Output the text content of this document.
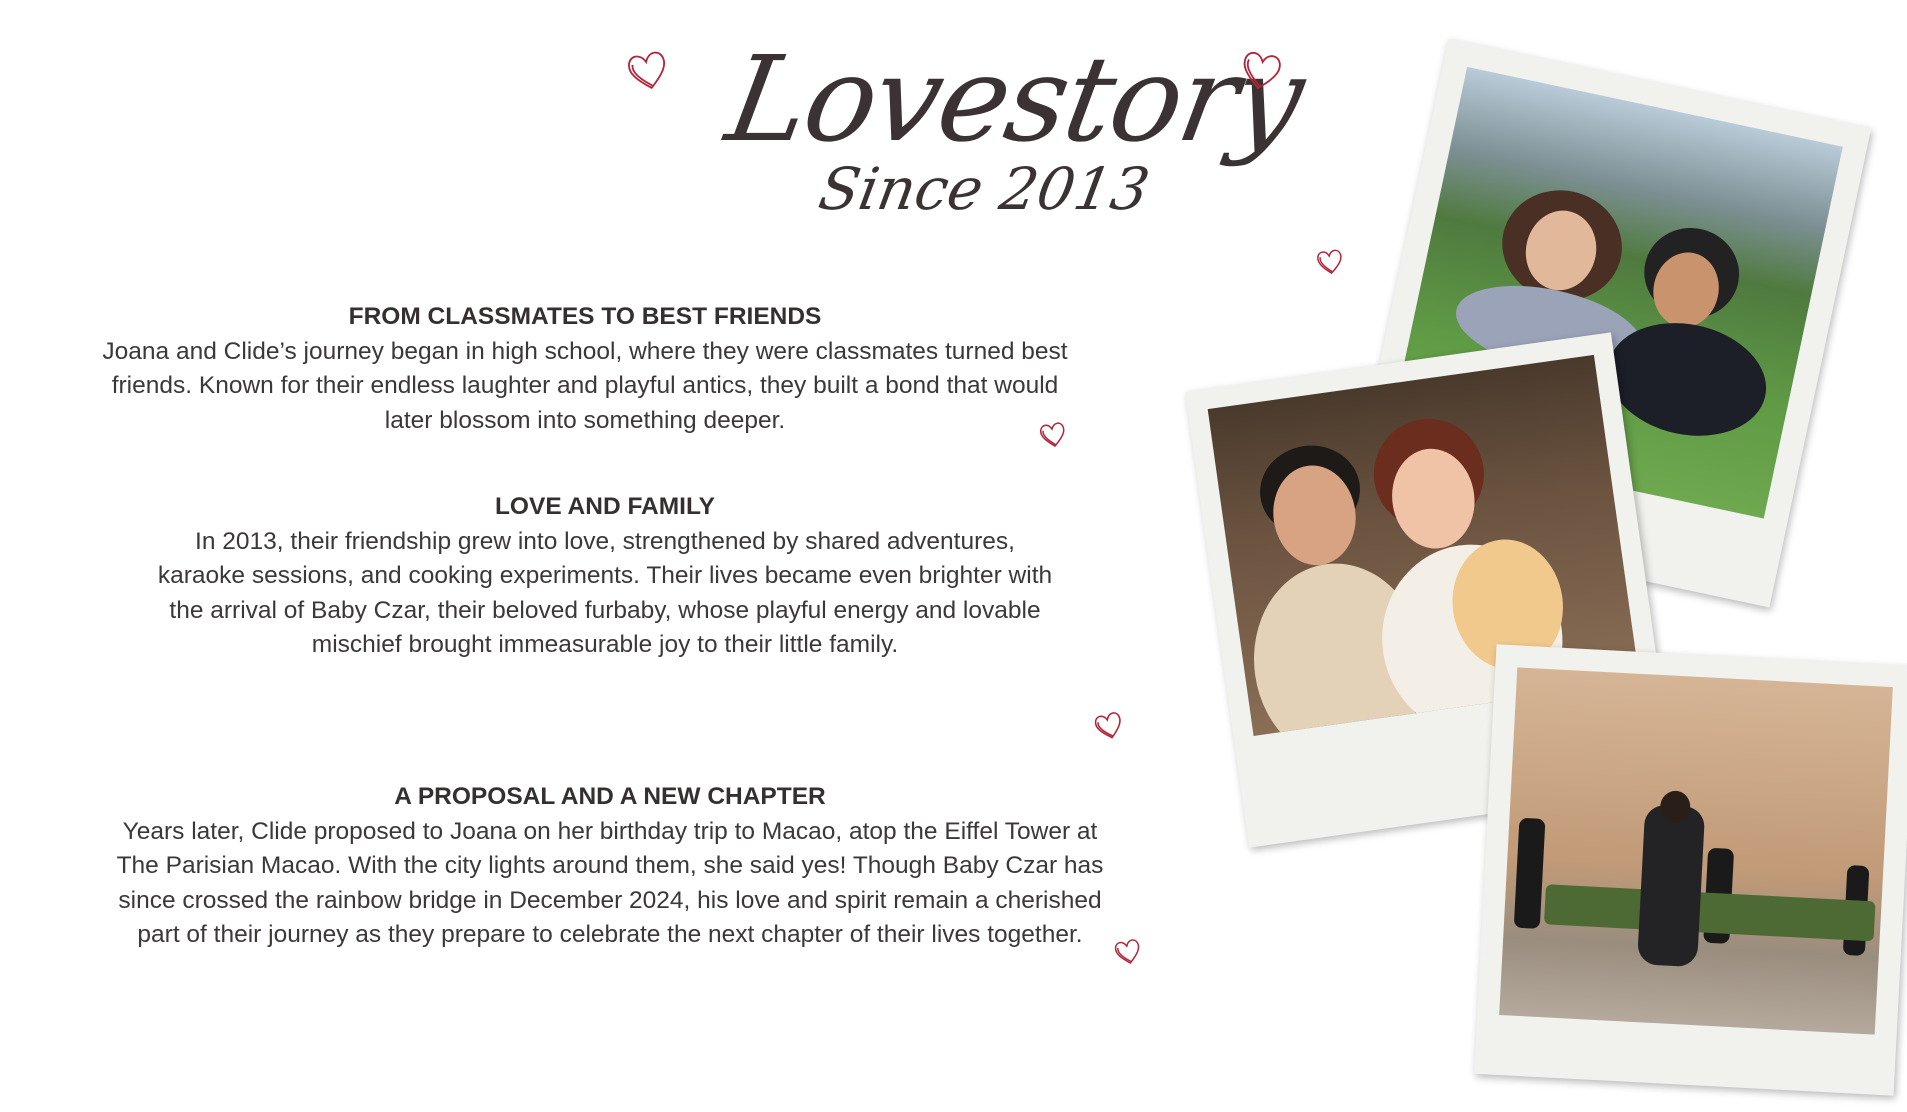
Lovestory
Since 2013
FROM CLASSMATES TO BEST FRIENDS

Joana and Clide’s journey began in high school, where they were classmates turned best friends. Known for their endless laughter and playful antics, they built a bond that would later blossom into something deeper.

LOVE AND FAMILY

In 2013, their friendship grew into love, strengthened by shared adventures, karaoke sessions, and cooking experiments. Their lives became even brighter with the arrival of Baby Czar, their beloved furbaby, whose playful energy and lovable mischief brought immeasurable joy to their little family.

A PROPOSAL AND A NEW CHAPTER

Years later, Clide proposed to Joana on her birthday trip to Macao, atop the Eiffel Tower at The Parisian Macao. With the city lights around them, she said yes! Though Baby Czar has since crossed the rainbow bridge in December 2024, his love and spirit remain a cherished part of their journey as they prepare to celebrate the next chapter of their lives together.
